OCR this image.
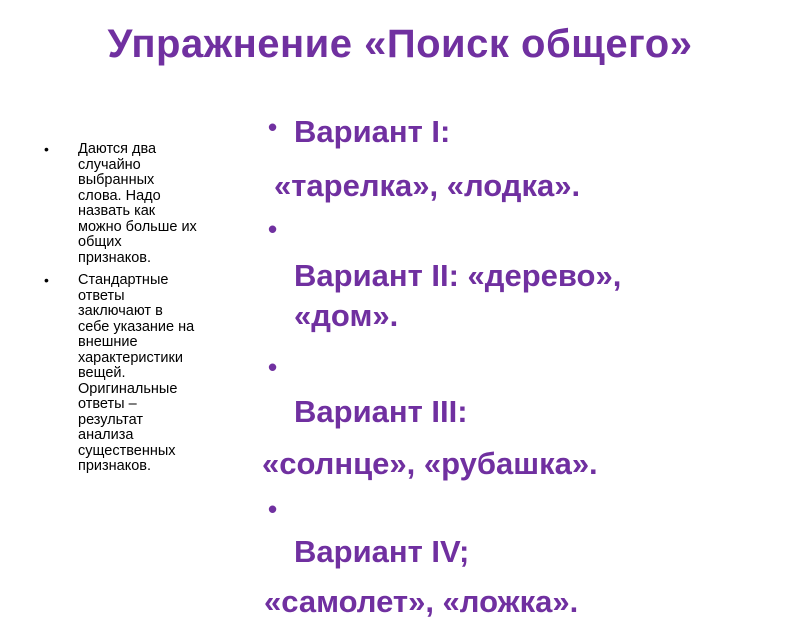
Упражнение «Поиск общего»
• Даются два
случайно
выбранных
слова. Надо
назвать как
можно больше их
общих
признаков.
• Стандартные
ответы
заключают в
себе указание на
внешние
характеристики
вещей.
Оригинальные
ответы –
результат
анализа
существенных
признаков.
• Вариант I:
«тарелка», «лодка».
•
Вариант II: «дерево»,
«дом».
•
Вариант III:
«солнце», «рубашка».
•
Вариант IV;
«самолет», «ложка».
